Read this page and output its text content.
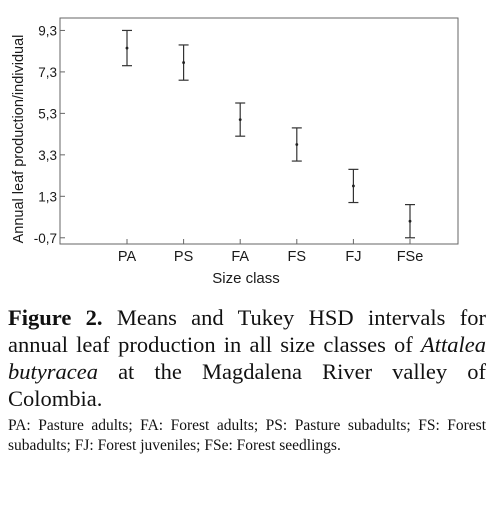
9,3
7,3
5,3
3,3
1,3
-0,7
PA	PS	FA	FS	FJ FSe
Size class
Annual leaf production/individual
Figure 2. Means and Tukey HSD intervals for annual leaf production in all size classes of Attalea butyracea at the Magdalena River valley of Colombia.
PA: Pasture adults; FA: Forest adults; PS: Pasture subadults; FS: Forest subadults; FJ: Forest juveniles; FSe: Forest seedlings.
